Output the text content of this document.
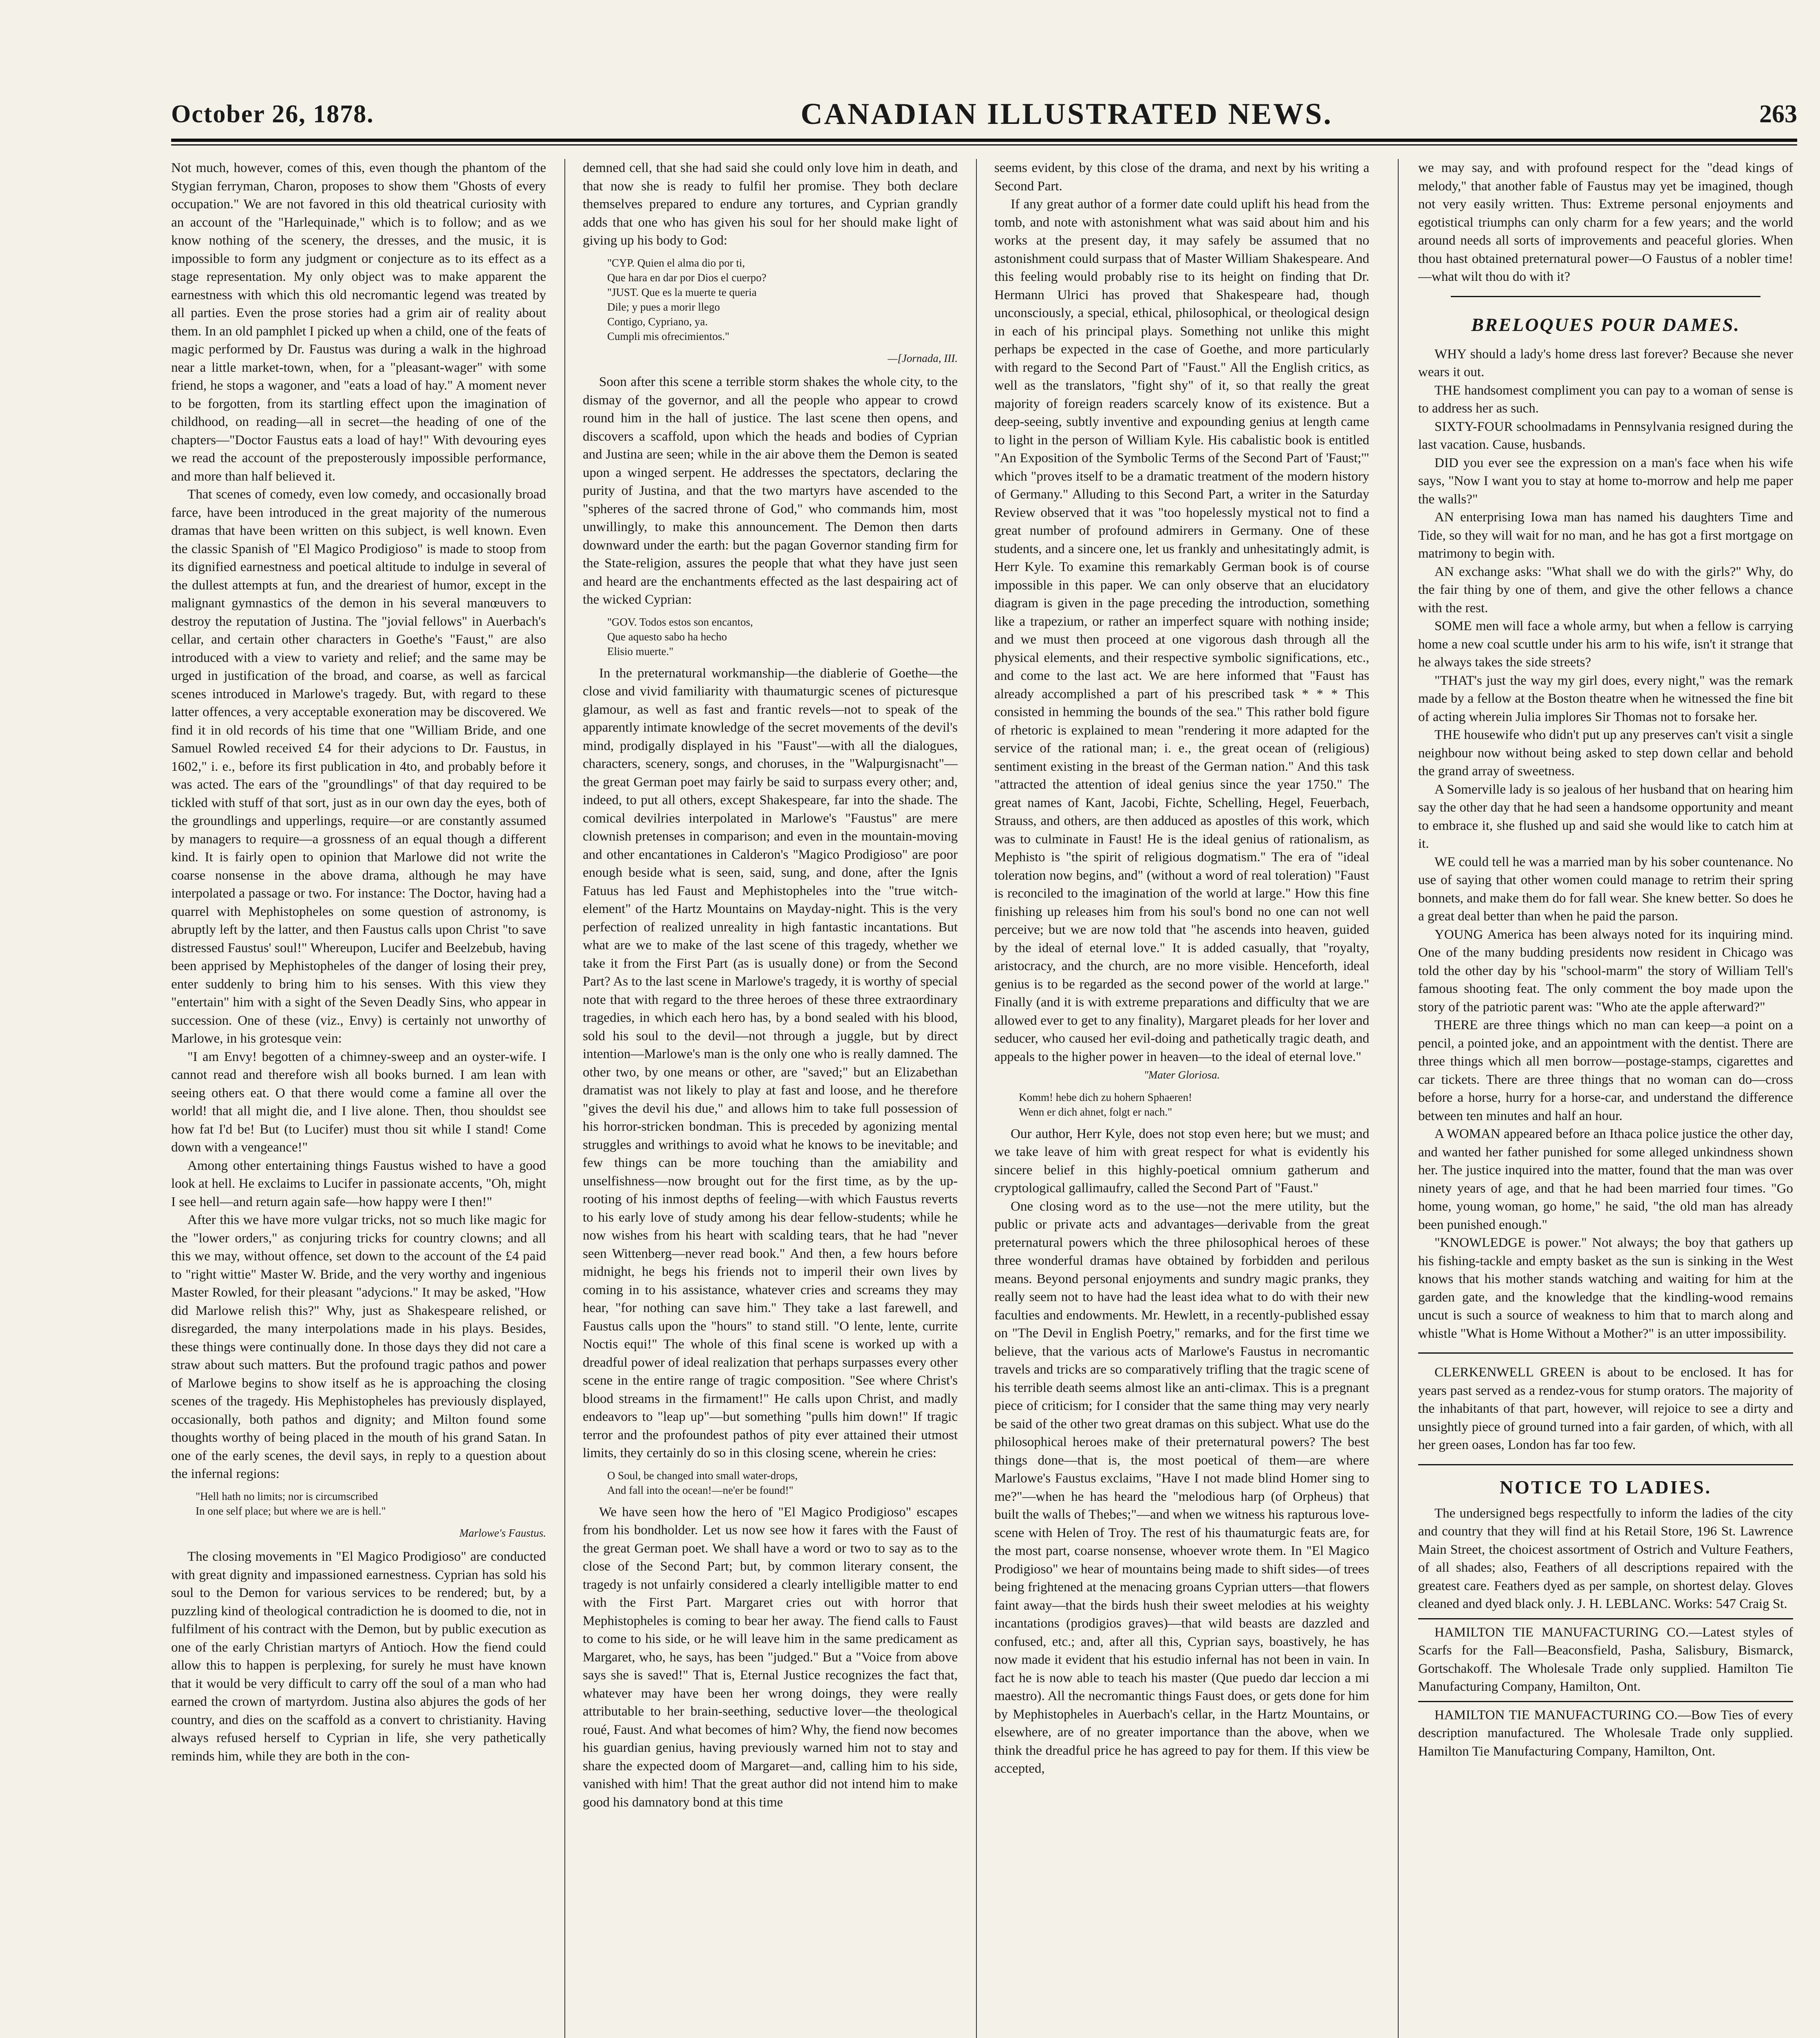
October 26, 1878.	CANADIAN ILLUSTRATED NEWS.	263

Not much, however, comes of this, even though the phantom of the Stygian ferryman, Charon, proposes to show them "Ghosts of every occupation." We are not favored in this old theatrical curiosity with an account of the "Harlequinade," which is to follow; and as we know nothing of the scenery, the dresses, and the music, it is impossible to form any judgment or conjecture as to its effect as a stage representation. My only object was to make apparent the earnestness with which this old necromantic legend was treated by all parties. Even the prose stories had a grim air of reality about them. In an old pamphlet I picked up when a child, one of the feats of magic performed by Dr. Faustus was during a walk in the highroad near a little market-town, when, for a "pleasant-wager" with some friend, he stops a wagoner, and "eats a load of hay." A moment never to be forgotten, from its startling effect upon the imagination of childhood, on reading—all in secret—the heading of one of the chapters—"Doctor Faustus eats a load of hay!" With devouring eyes we read the account of the preposterously impossible performance, and more than half believed it.

That scenes of comedy, even low comedy, and occasionally broad farce, have been introduced in the great majority of the numerous dramas that have been written on this subject, is well known. Even the classic Spanish of "El Magico Prodigioso" is made to stoop from its dignified earnestness and poetical altitude to indulge in several of the dullest attempts at fun, and the dreariest of humor, except in the malignant gymnastics of the demon in his several manœuvers to destroy the reputation of Justina. The "jovial fellows" in Auerbach's cellar, and certain other characters in Goethe's "Faust," are also introduced with a view to variety and relief; and the same may be urged in justification of the broad, and coarse, as well as farcical scenes introduced in Marlowe's tragedy. But, with regard to these latter offences, a very acceptable exoneration may be discovered. We find it in old records of his time that one "William Bride, and one Samuel Rowled received £4 for their adycions to Dr. Faustus, in 1602," i. e., before its first publication in 4to, and probably before it was acted. The ears of the "groundlings" of that day required to be tickled with stuff of that sort, just as in our own day the eyes, both of the groundlings and upperlings, require—or are constantly assumed by managers to require—a grossness of an equal though a different kind. It is fairly open to opinion that Marlowe did not write the coarse nonsense in the above drama, although he may have interpolated a passage or two. For instance: The Doctor, having had a quarrel with Mephistopheles on some question of astronomy, is abruptly left by the latter, and then Faustus calls upon Christ "to save distressed Faustus' soul!" Whereupon, Lucifer and Beelzebub, having been apprised by Mephistopheles of the danger of losing their prey, enter suddenly to bring him to his senses. With this view they "entertain" him with a sight of the Seven Deadly Sins, who appear in succession. One of these (viz., Envy) is certainly not unworthy of Marlowe, in his grotesque vein:

"I am Envy! begotten of a chimney-sweep and an oyster-wife. I cannot read and therefore wish all books burned. I am lean with seeing others eat. O that there would come a famine all over the world! that all might die, and I live alone. Then, thou shouldst see how fat I'd be! But (to Lucifer) must thou sit while I stand! Come down with a vengeance!"

Among other entertaining things Faustus wished to have a good look at hell. He exclaims to Lucifer in passionate accents, "Oh, might I see hell—and return again safe—how happy were I then!"

After this we have more vulgar tricks, not so much like magic for the "lower orders," as conjuring tricks for country clowns; and all this we may, without offence, set down to the account of the £4 paid to "right wittie" Master W. Bride, and the very worthy and ingenious Master Rowled, for their pleasant "adycions." It may be asked, "How did Marlowe relish this?" Why, just as Shakespeare relished, or disregarded, the many interpolations made in his plays. Besides, these things were continually done. In those days they did not care a straw about such matters. But the profound tragic pathos and power of Marlowe begins to show itself as he is approaching the closing scenes of the tragedy. His Mephistopheles has previously displayed, occasionally, both pathos and dignity; and Milton found some thoughts worthy of being placed in the mouth of his grand Satan. In one of the early scenes, the devil says, in reply to a question about the infernal regions:

"Hell hath no limits; nor is circumscribed
In one self place; but where we are is hell."
Marlowe's Faustus.

The closing movements in "El Magico Prodigioso" are conducted with great dignity and impassioned earnestness. Cyprian has sold his soul to the Demon for various services to be rendered; but, by a puzzling kind of theological contradiction he is doomed to die, not in fulfilment of his contract with the Demon, but by public execution as one of the early Christian martyrs of Antioch. How the fiend could allow this to happen is perplexing, for surely he must have known that it would be very difficult to carry off the soul of a man who had earned the crown of martyrdom. Justina also abjures the gods of her country, and dies on the scaffold as a convert to christianity. Having always refused herself to Cyprian in life, she very pathetically reminds him, while they are both in the con-

demned cell, that she had said she could only love him in death, and that now she is ready to fulfil her promise. They both declare themselves prepared to endure any tortures, and Cyprian grandly adds that one who has given his soul for her should make light of giving up his body to God:

"CYP. Quien el alma dio por ti,
Que hara en dar por Dios el cuerpo?
"JUST. Que es la muerte te queria
Dile; y pues a morir llego
Contigo, Cypriano, ya.
Cumpli mis ofrecimientos."
—[Jornada, III.

Soon after this scene a terrible storm shakes the whole city, to the dismay of the governor, and all the people who appear to crowd round him in the hall of justice. The last scene then opens, and discovers a scaffold, upon which the heads and bodies of Cyprian and Justina are seen; while in the air above them the Demon is seated upon a winged serpent. He addresses the spectators, declaring the purity of Justina, and that the two martyrs have ascended to the "spheres of the sacred throne of God," who commands him, most unwillingly, to make this announcement. The Demon then darts downward under the earth: but the pagan Governor standing firm for the State-religion, assures the people that what they have just seen and heard are the enchantments effected as the last despairing act of the wicked Cyprian:

"GOV. Todos estos son encantos,
Que aquesto sabo ha hecho
Elisio muerte."

In the preternatural workmanship—the diablerie of Goethe—the close and vivid familiarity with thaumaturgic scenes of picturesque glamour, as well as fast and frantic revels—not to speak of the apparently intimate knowledge of the secret movements of the devil's mind, prodigally displayed in his "Faust"—with all the dialogues, characters, scenery, songs, and choruses, in the "Walpurgisnacht"—the great German poet may fairly be said to surpass every other; and, indeed, to put all others, except Shakespeare, far into the shade. The comical devilries interpolated in Marlowe's "Faustus" are mere clownish pretenses in comparison; and even in the mountain-moving and other encantationes in Calderon's "Magico Prodigioso" are poor enough beside what is seen, said, sung, and done, after the Ignis Fatuus has led Faust and Mephistopheles into the "true witch-element" of the Hartz Mountains on Mayday-night. This is the very perfection of realized unreality in high fantastic incantations. But what are we to make of the last scene of this tragedy, whether we take it from the First Part (as is usually done) or from the Second Part? As to the last scene in Marlowe's tragedy, it is worthy of special note that with regard to the three heroes of these three extraordinary tragedies, in which each hero has, by a bond sealed with his blood, sold his soul to the devil—not through a juggle, but by direct intention—Marlowe's man is the only one who is really damned. The other two, by one means or other, are "saved;" but an Elizabethan dramatist was not likely to play at fast and loose, and he therefore "gives the devil his due," and allows him to take full possession of his horror-stricken bondman. This is preceded by agonizing mental struggles and writhings to avoid what he knows to be inevitable; and few things can be more touching than the amiability and unselfishness—now brought out for the first time, as by the up-rooting of his inmost depths of feeling—with which Faustus reverts to his early love of study among his dear fellow-students; while he now wishes from his heart with scalding tears, that he had "never seen Wittenberg—never read book." And then, a few hours before midnight, he begs his friends not to imperil their own lives by coming in to his assistance, whatever cries and screams they may hear, "for nothing can save him." They take a last farewell, and Faustus calls upon the "hours" to stand still. "O lente, lente, currite Noctis equi!" The whole of this final scene is worked up with a dreadful power of ideal realization that perhaps surpasses every other scene in the entire range of tragic composition. "See where Christ's blood streams in the firmament!" He calls upon Christ, and madly endeavors to "leap up"—but something "pulls him down!" If tragic terror and the profoundest pathos of pity ever attained their utmost limits, they certainly do so in this closing scene, wherein he cries:

O Soul, be changed into small water-drops,
And fall into the ocean!—ne'er be found!"

We have seen how the hero of "El Magico Prodigioso" escapes from his bondholder. Let us now see how it fares with the Faust of the great German poet. We shall have a word or two to say as to the close of the Second Part; but, by common literary consent, the tragedy is not unfairly considered a clearly intelligible matter to end with the First Part. Margaret cries out with horror that Mephistopheles is coming to bear her away. The fiend calls to Faust to come to his side, or he will leave him in the same predicament as Margaret, who, he says, has been "judged." But a "Voice from above says she is saved!" That is, Eternal Justice recognizes the fact that, whatever may have been her wrong doings, they were really attributable to her brain-seething, seductive lover—the theological roué, Faust. And what becomes of him? Why, the fiend now becomes his guardian genius, having previously warned him not to stay and share the expected doom of Margaret—and, calling him to his side, vanished with him! That the great author did not intend him to make good his damnatory bond at this time

seems evident, by this close of the drama, and next by his writing a Second Part.

If any great author of a former date could uplift his head from the tomb, and note with astonishment what was said about him and his works at the present day, it may safely be assumed that no astonishment could surpass that of Master William Shakespeare. And this feeling would probably rise to its height on finding that Dr. Hermann Ulrici has proved that Shakespeare had, though unconsciously, a special, ethical, philosophical, or theological design in each of his principal plays. Something not unlike this might perhaps be expected in the case of Goethe, and more particularly with regard to the Second Part of "Faust." All the English critics, as well as the translators, "fight shy" of it, so that really the great majority of foreign readers scarcely know of its existence. But a deep-seeing, subtly inventive and expounding genius at length came to light in the person of William Kyle. His cabalistic book is entitled "An Exposition of the Symbolic Terms of the Second Part of 'Faust;'" which "proves itself to be a dramatic treatment of the modern history of Germany." Alluding to this Second Part, a writer in the Saturday Review observed that it was "too hopelessly mystical not to find a great number of profound admirers in Germany. One of these students, and a sincere one, let us frankly and unhesitatingly admit, is Herr Kyle. To examine this remarkably German book is of course impossible in this paper. We can only observe that an elucidatory diagram is given in the page preceding the introduction, something like a trapezium, or rather an imperfect square with nothing inside; and we must then proceed at one vigorous dash through all the physical elements, and their respective symbolic significations, etc., and come to the last act. We are here informed that "Faust has already accomplished a part of his prescribed task * * * This consisted in hemming the bounds of the sea." This rather bold figure of rhetoric is explained to mean "rendering it more adapted for the service of the rational man; i. e., the great ocean of (religious) sentiment existing in the breast of the German nation." And this task "attracted the attention of ideal genius since the year 1750." The great names of Kant, Jacobi, Fichte, Schelling, Hegel, Feuerbach, Strauss, and others, are then adduced as apostles of this work, which was to culminate in Faust! He is the ideal genius of rationalism, as Mephisto is "the spirit of religious dogmatism." The era of "ideal toleration now begins, and" (without a word of real toleration) "Faust is reconciled to the imagination of the world at large." How this fine finishing up releases him from his soul's bond no one can not well perceive; but we are now told that "he ascends into heaven, guided by the ideal of eternal love." It is added casually, that "royalty, aristocracy, and the church, are no more visible. Henceforth, ideal genius is to be regarded as the second power of the world at large." Finally (and it is with extreme preparations and difficulty that we are allowed ever to get to any finality), Margaret pleads for her lover and seducer, who caused her evil-doing and pathetically tragic death, and appeals to the higher power in heaven—to the ideal of eternal love."

"Mater Gloriosa.
Komm! hebe dich zu hohern Sphaeren!
Wenn er dich ahnet, folgt er nach."

Our author, Herr Kyle, does not stop even here; but we must; and we take leave of him with great respect for what is evidently his sincere belief in this highly-poetical omnium gatherum and cryptological gallimaufry, called the Second Part of "Faust."

One closing word as to the use—not the mere utility, but the public or private acts and advantages—derivable from the great preternatural powers which the three philosophical heroes of these three wonderful dramas have obtained by forbidden and perilous means. Beyond personal enjoyments and sundry magic pranks, they really seem not to have had the least idea what to do with their new faculties and endowments. Mr. Hewlett, in a recently-published essay on "The Devil in English Poetry," remarks, and for the first time we believe, that the various acts of Marlowe's Faustus in necromantic travels and tricks are so comparatively trifling that the tragic scene of his terrible death seems almost like an anti-climax. This is a pregnant piece of criticism; for I consider that the same thing may very nearly be said of the other two great dramas on this subject. What use do the philosophical heroes make of their preternatural powers? The best things done—that is, the most poetical of them—are where Marlowe's Faustus exclaims, "Have I not made blind Homer sing to me?"—when he has heard the "melodious harp (of Orpheus) that built the walls of Thebes;"—and when we witness his rapturous love-scene with Helen of Troy. The rest of his thaumaturgic feats are, for the most part, coarse nonsense, whoever wrote them. In "El Magico Prodigioso" we hear of mountains being made to shift sides—of trees being frightened at the menacing groans Cyprian utters—that flowers faint away—that the birds hush their sweet melodies at his weighty incantations (prodigios graves)—that wild beasts are dazzled and confused, etc.; and, after all this, Cyprian says, boastively, he has now made it evident that his estudio infernal has not been in vain. In fact he is now able to teach his master (Que puedo dar leccion a mi maestro). All the necromantic things Faust does, or gets done for him by Mephistopheles in Auerbach's cellar, in the Hartz Mountains, or elsewhere, are of no greater importance than the above, when we think the dreadful price he has agreed to pay for them. If this view be accepted,

we may say, and with profound respect for the "dead kings of melody," that another fable of Faustus may yet be imagined, though not very easily written. Thus: Extreme personal enjoyments and egotistical triumphs can only charm for a few years; and the world around needs all sorts of improvements and peaceful glories. When thou hast obtained preternatural power—O Faustus of a nobler time!—what wilt thou do with it?

BRELOQUES POUR DAMES.

WHY should a lady's home dress last forever? Because she never wears it out.

THE handsomest compliment you can pay to a woman of sense is to address her as such.

SIXTY-FOUR schoolmadams in Pennsylvania resigned during the last vacation. Cause, husbands.

DID you ever see the expression on a man's face when his wife says, "Now I want you to stay at home to-morrow and help me paper the walls?"

AN enterprising Iowa man has named his daughters Time and Tide, so they will wait for no man, and he has got a first mortgage on matrimony to begin with.

AN exchange asks: "What shall we do with the girls?" Why, do the fair thing by one of them, and give the other fellows a chance with the rest.

SOME men will face a whole army, but when a fellow is carrying home a new coal scuttle under his arm to his wife, isn't it strange that he always takes the side streets?

"THAT's just the way my girl does, every night," was the remark made by a fellow at the Boston theatre when he witnessed the fine bit of acting wherein Julia implores Sir Thomas not to forsake her.

THE housewife who didn't put up any preserves can't visit a single neighbour now without being asked to step down cellar and behold the grand array of sweetness.

A Somerville lady is so jealous of her husband that on hearing him say the other day that he had seen a handsome opportunity and meant to embrace it, she flushed up and said she would like to catch him at it.

WE could tell he was a married man by his sober countenance. No use of saying that other women could manage to retrim their spring bonnets, and make them do for fall wear. She knew better. So does he a great deal better than when he paid the parson.

YOUNG America has been always noted for its inquiring mind. One of the many budding presidents now resident in Chicago was told the other day by his "school-marm" the story of William Tell's famous shooting feat. The only comment the boy made upon the story of the patriotic parent was: "Who ate the apple afterward?"

THERE are three things which no man can keep—a point on a pencil, a pointed joke, and an appointment with the dentist. There are three things which all men borrow—postage-stamps, cigarettes and car tickets. There are three things that no woman can do—cross before a horse, hurry for a horse-car, and understand the difference between ten minutes and half an hour.

A WOMAN appeared before an Ithaca police justice the other day, and wanted her father punished for some alleged unkindness shown her. The justice inquired into the matter, found that the man was over ninety years of age, and that he had been married four times. "Go home, young woman, go home," he said, "the old man has already been punished enough."

"KNOWLEDGE is power." Not always; the boy that gathers up his fishing-tackle and empty basket as the sun is sinking in the West knows that his mother stands watching and waiting for him at the garden gate, and the knowledge that the kindling-wood remains uncut is such a source of weakness to him that to march along and whistle "What is Home Without a Mother?" is an utter impossibility.

CLERKENWELL GREEN is about to be enclosed. It has for years past served as a rendez-vous for stump orators. The majority of the inhabitants of that part, however, will rejoice to see a dirty and unsightly piece of ground turned into a fair garden, of which, with all her green oases, London has far too few.

NOTICE TO LADIES.

The undersigned begs respectfully to inform the ladies of the city and country that they will find at his Retail Store, 196 St. Lawrence Main Street, the choicest assortment of Ostrich and Vulture Feathers, of all shades; also, Feathers of all descriptions repaired with the greatest care. Feathers dyed as per sample, on shortest delay. Gloves cleaned and dyed black only. J. H. LEBLANC. Works: 547 Craig St.

HAMILTON TIE MANUFACTURING CO.—Latest styles of Scarfs for the Fall—Beaconsfield, Pasha, Salisbury, Bismarck, Gortschakoff. The Wholesale Trade only supplied. Hamilton Tie Manufacturing Company, Hamilton, Ont.

HAMILTON TIE MANUFACTURING CO.—Bow Ties of every description manufactured. The Wholesale Trade only supplied. Hamilton Tie Manufacturing Company, Hamilton, Ont.
